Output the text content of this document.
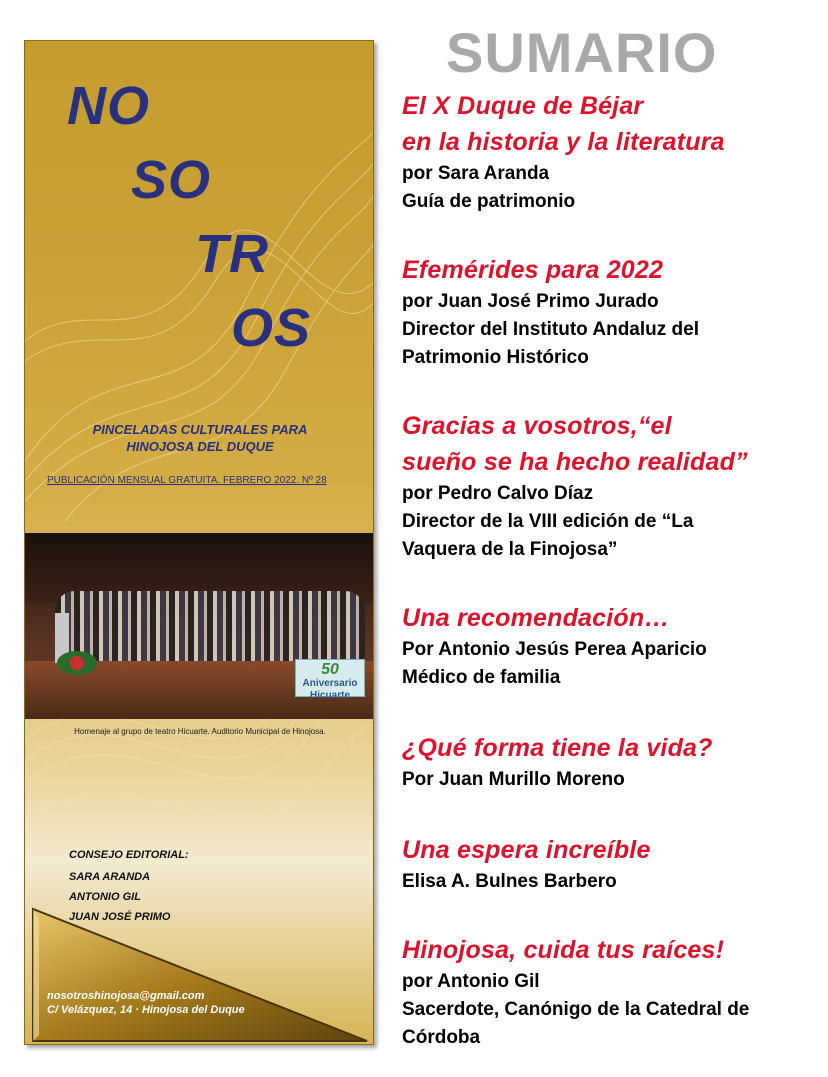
NO
SO
TR
OS
PINCELADAS CULTURALES PARA
HINOJOSA DEL DUQUE
PUBLICACIÓN MENSUAL GRATUITA. FEBRERO 2022. Nº 28
50 Aniversario
Hicuarte
Homenaje al grupo de teatro Hicuarte. Auditorio Municipal de Hinojosa.
CONSEJO EDITORIAL:
SARA ARANDA
ANTONIO GIL
JUAN JOSÉ PRIMO
nosotroshinojosa@gmail.com
C/ Velázquez, 14 · Hinojosa del Duque
SUMARIO
El X Duque de Béjar
en la historia y la literatura
por Sara Aranda
Guía de patrimonio
Efemérides para 2022
por Juan José Primo Jurado
Director del Instituto Andaluz del
Patrimonio Histórico
Gracias a vosotros,“el
sueño se ha hecho realidad”
por Pedro Calvo Díaz
Director de la VIII edición de “La
Vaquera de la Finojosa”
Una recomendación…
Por Antonio Jesús Perea Aparicio
Médico de familia
¿Qué forma tiene la vida?
Por Juan Murillo Moreno
Una espera increíble
Elisa A. Bulnes Barbero
Hinojosa, cuida tus raíces!
por Antonio Gil
Sacerdote, Canónigo de la Catedral de
Córdoba
